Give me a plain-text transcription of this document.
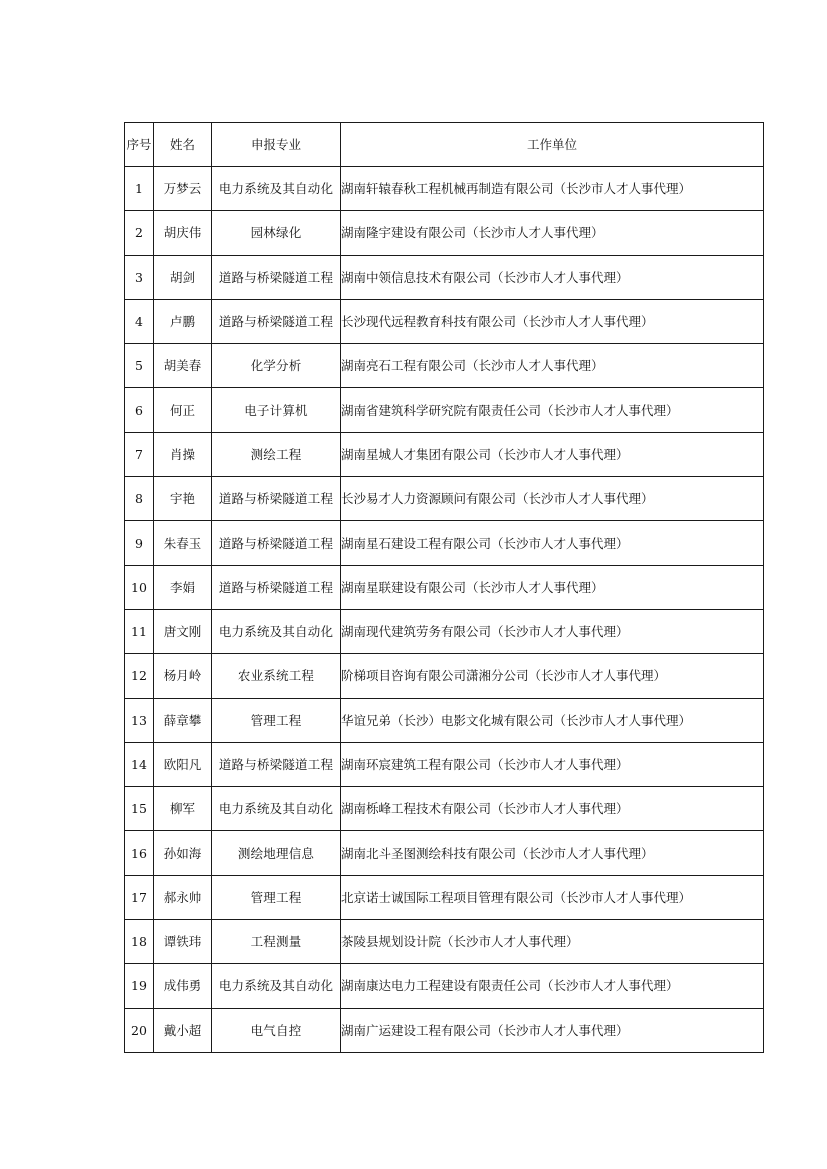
序号	姓名	申报专业	工作单位
1	万梦云	电力系统及其自动化	湖南轩辕春秋工程机械再制造有限公司（长沙市人才人事代理）
2	胡庆伟	园林绿化	湖南隆宇建设有限公司（长沙市人才人事代理）
3	胡剑	道路与桥梁隧道工程	湖南中领信息技术有限公司（长沙市人才人事代理）
4	卢鹏	道路与桥梁隧道工程	长沙现代远程教育科技有限公司（长沙市人才人事代理）
5	胡美春	化学分析	湖南亮石工程有限公司（长沙市人才人事代理）
6	何正	电子计算机	湖南省建筑科学研究院有限责任公司（长沙市人才人事代理）
7	肖操	测绘工程	湖南星城人才集团有限公司（长沙市人才人事代理）
8	宇艳	道路与桥梁隧道工程	长沙易才人力资源顾问有限公司（长沙市人才人事代理）
9	朱春玉	道路与桥梁隧道工程	湖南星石建设工程有限公司（长沙市人才人事代理）
10	李娟	道路与桥梁隧道工程	湖南星联建设有限公司（长沙市人才人事代理）
11	唐文刚	电力系统及其自动化	湖南现代建筑劳务有限公司（长沙市人才人事代理）
12	杨月岭	农业系统工程	阶梯项目咨询有限公司潇湘分公司（长沙市人才人事代理）
13	薛章攀	管理工程	华谊兄弟（长沙）电影文化城有限公司（长沙市人才人事代理）
14	欧阳凡	道路与桥梁隧道工程	湖南环宸建筑工程有限公司（长沙市人才人事代理）
15	柳军	电力系统及其自动化	湖南栎峰工程技术有限公司（长沙市人才人事代理）
16	孙如海	测绘地理信息	湖南北斗圣图测绘科技有限公司（长沙市人才人事代理）
17	郝永帅	管理工程	北京诺士诚国际工程项目管理有限公司（长沙市人才人事代理）
18	谭铁玮	工程测量	茶陵县规划设计院（长沙市人才人事代理）
19	成伟勇	电力系统及其自动化	湖南康达电力工程建设有限责任公司（长沙市人才人事代理）
20	戴小超	电气自控	湖南广运建设工程有限公司（长沙市人才人事代理）
